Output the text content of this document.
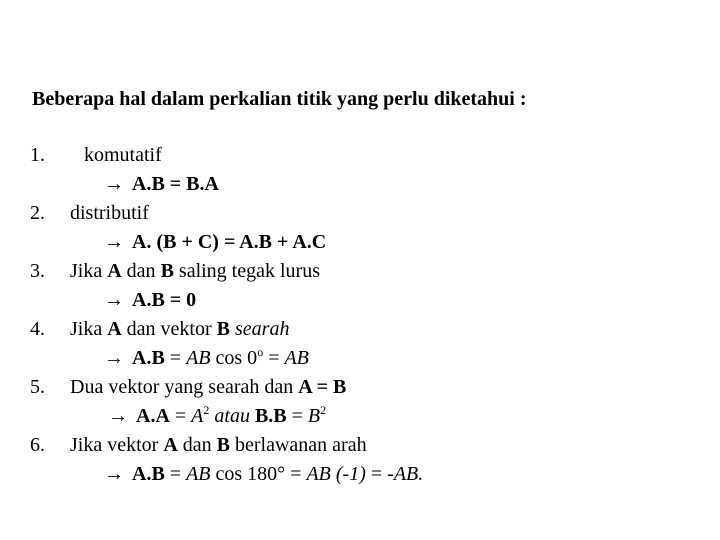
Beberapa hal dalam perkalian titik yang perlu diketahui :
1. komutatif
→ A.B = B.A
2. distributif
→ A. (B + C) = A.B + A.C
3. Jika A dan B saling tegak lurus
→ A.B = 0
4. Jika A dan vektor B searah
→ A.B = AB $\cos 0^o$ = AB
5. Dua vektor yang searah dan A = B
→ $A.A = A^2$ atau $B.B = B^2$
6. Jika vektor A dan B berlawanan arah
→ A.B = AB cos 180° = AB (-1) = -AB.
